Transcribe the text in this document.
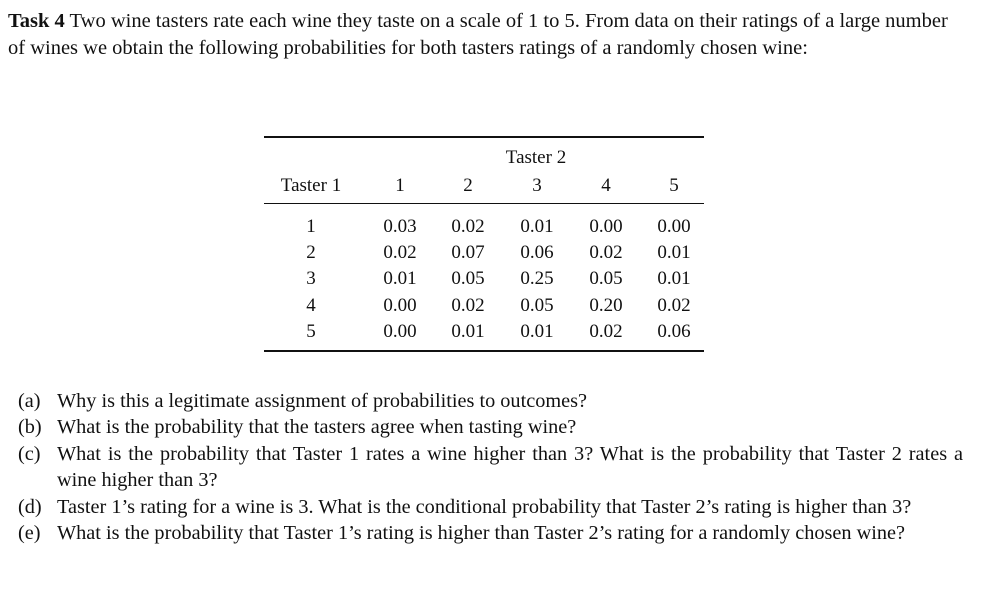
Task 4 Two wine tasters rate each wine they taste on a scale of 1 to 5. From data on their ratings of a large number of wines we obtain the following probabilities for both tasters ratings of a randomly chosen wine:
Taster 2
Taster 1	1	2	3	4	5
1	0.03	0.02	0.01	0.00	0.00
2	0.02	0.07	0.06	0.02	0.01
3	0.01	0.05	0.25	0.05	0.01
4	0.00	0.02	0.05	0.20	0.02
5	0.00	0.01	0.01	0.02	0.06
(a) Why is this a legitimate assignment of probabilities to outcomes?
(b) What is the probability that the tasters agree when tasting wine?
(c) What is the probability that Taster 1 rates a wine higher than 3? What is the probability that Taster 2 rates a wine higher than 3?
(d) Taster 1’s rating for a wine is 3. What is the conditional probability that Taster 2’s rating is higher than 3?
(e) What is the probability that Taster 1’s rating is higher than Taster 2’s rating for a randomly chosen wine?
